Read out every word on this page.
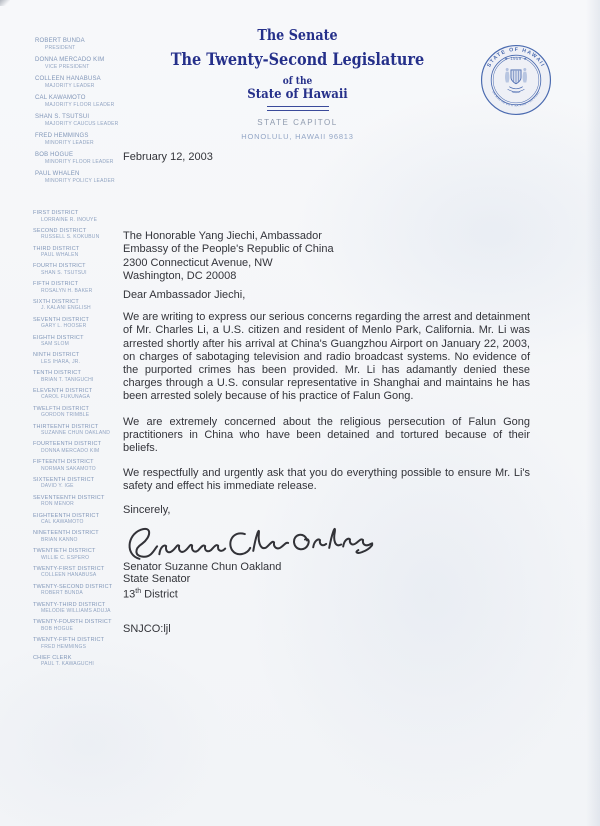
ROBERT BUNDA
PRESIDENT
DONNA MERCADO KIM
VICE PRESIDENT
COLLEEN HANABUSA
MAJORITY LEADER
CAL KAWAMOTO
MAJORITY FLOOR LEADER
SHAN S. TSUTSUI
MAJORITY CAUCUS LEADER
FRED HEMMINGS
MINORITY LEADER
BOB HOGUE
MINORITY FLOOR LEADER
PAUL WHALEN
MINORITY POLICY LEADER
FIRST DISTRICT
LORRAINE R. INOUYE
SECOND DISTRICT
RUSSELL S. KOKUBUN
THIRD DISTRICT
PAUL WHALEN
FOURTH DISTRICT
SHAN S. TSUTSUI
FIFTH DISTRICT
ROSALYN H. BAKER
SIXTH DISTRICT
J. KALANI ENGLISH
SEVENTH DISTRICT
GARY L. HOOSER
EIGHTH DISTRICT
SAM SLOM
NINTH DISTRICT
LES IHARA, JR.
TENTH DISTRICT
BRIAN T. TANIGUCHI
ELEVENTH DISTRICT
CAROL FUKUNAGA
TWELFTH DISTRICT
GORDON TRIMBLE
THIRTEENTH DISTRICT
SUZANNE CHUN OAKLAND
FOURTEENTH DISTRICT
DONNA MERCADO KIM
FIFTEENTH DISTRICT
NORMAN SAKAMOTO
SIXTEENTH DISTRICT
DAVID Y. IGE
SEVENTEENTH DISTRICT
RON MENOR
EIGHTEENTH DISTRICT
CAL KAWAMOTO
NINETEENTH DISTRICT
BRIAN KANNO
TWENTIETH DISTRICT
WILLIE C. ESPERO
TWENTY-FIRST DISTRICT
COLLEEN HANABUSA
TWENTY-SECOND DISTRICT
ROBERT BUNDA
TWENTY-THIRD DISTRICT
MELODIE WILLIAMS ADUJA
TWENTY-FOURTH DISTRICT
BOB HOGUE
TWENTY-FIFTH DISTRICT
FRED HEMMINGS
CHIEF CLERK
PAUL T. KAWAGUCHI
The Senate
The Twenty-Second Legislature
of the
State of Hawaii
STATE CAPITOL
HONOLULU, HAWAII 96813
STATE OF HAWAII
★ 1959 ★
UA MAU KE EA O KA AINA I KA PONO
February 12, 2003
The Honorable Yang Jiechi, Ambassador
Embassy of the People's Republic of China
2300 Connecticut Avenue, NW
Washington, DC 20008
Dear Ambassador Jiechi,

We are writing to express our serious concerns regarding the arrest and detainment of Mr. Charles Li, a U.S. citizen and resident of Menlo Park, California. Mr. Li was arrested shortly after his arrival at China's Guangzhou Airport on January 22, 2003, on charges of sabotaging television and radio broadcast systems. No evidence of the purported crimes has been provided. Mr. Li has adamantly denied these charges through a U.S. consular representative in Shanghai and maintains he has been arrested solely because of his practice of Falun Gong.

We are extremely concerned about the religious persecution of Falun Gong practitioners in China who have been detained and tortured because of their beliefs.

We respectfully and urgently ask that you do everything possible to ensure Mr. Li's safety and effect his immediate release.

Sincerely,
Senator Suzanne Chun Oakland
State Senator
13th District
SNJCO:ljl
